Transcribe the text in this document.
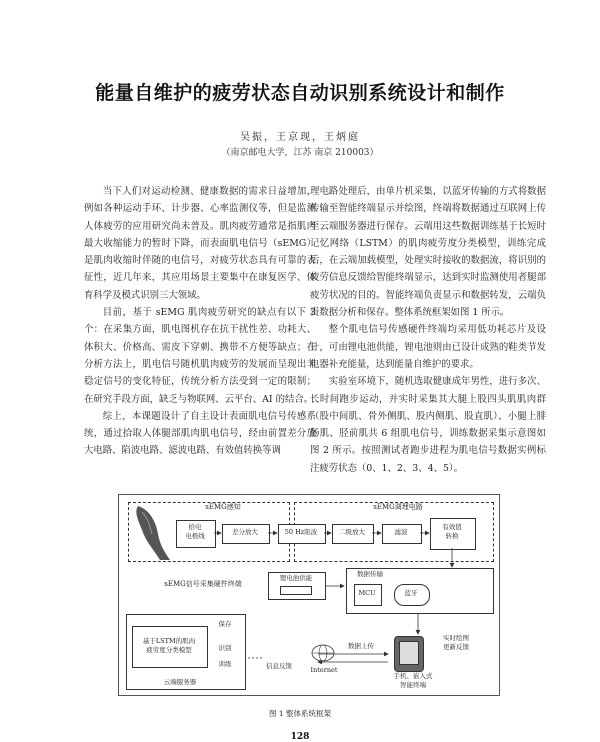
能量自维护的疲劳状态自动识别系统设计和制作
吴振，王京现，王炳庭
（南京邮电大学，江苏 南京 210003）

当下人们对运动检测、健康数据的需求日益增加，例如各种运动手环、计步器、心率监测仪等，但是监测人体疲劳的应用研究尚未普及。肌肉疲劳通常是指肌肉最大收缩能力的暂时下降，而表面肌电信号（sEMG）是肌肉收缩时伴随的电信号，对疲劳状态具有可靠的表征性，近几年来，其应用场景主要集中在康复医学、体育科学及模式识别三大领域。

目前，基于 sEMG 肌肉疲劳研究的缺点有以下 3 个：在采集方面，肌电图机存在抗干扰性差、功耗大、体积大、价格高、需皮下穿刺、携带不方便等缺点；在分析方法上，肌电信号随机肌肉疲劳的发展而呈现出非稳定信号的变化特征，传统分析方法受到一定的限制；在研究手段方面，缺乏与物联网、云平台、AI 的结合。

综上，本课题设计了自主设计表面肌电信号传感系统，通过拾取人体腿部肌肉肌电信号，经由前置差分放大电路、陷波电路、滤波电路、有效值转换等调

理电路处理后，由单片机采集，以蓝牙传输的方式将数据传输至智能终端显示并绘图，终端将数据通过互联网上传至云端服务器进行保存。云端用这些数据训练基于长短时记忆网络（LSTM）的肌肉疲劳度分类模型，训练完成后，在云端加载模型，处理实时接收的数据流，将识别的疲劳信息反馈给智能终端显示，达到实时监测使用者腿部疲劳状况的目的。智能终端负责显示和数据转发，云端负责数据分析和保存。整体系统框架如图 1 所示。

整个肌电信号传感硬件终端均采用低功耗芯片及设计，可由锂电池供能，锂电池则由已设计成熟的鞋类节发电器补充能量，达到能量自维护的要求。

实验室环境下，随机选取健康成年男性，进行多次、长时间跑步运动，并实时采集其大腿上股四头肌肌肉群（股中间肌、骨外侧肌、股内侧肌、股直肌）、小腿上腓肠肌、胫前肌共 6 组肌电信号，训练数据采集示意图如图 2 所示。按照测试者跑步进程为肌电信号数据实例标注疲劳状态（0、1、2、3、4、5）。

sEMG感知	sEMG调理电路
拾电
电极线	差分放大	50 Hz陷波	二级放大	滤波
有效值
转换
sEMG信号采集硬件终端
锂电池供能	数据传输
MCU	蓝牙
基于LSTM的肌肉
疲劳度分类模型
保存
识别
训练
云端服务器
Internet
数据上传
信息反馈
实时绘图
更新反馈
手机、嵌入式
智能终端
图 1 整体系统框架
128
